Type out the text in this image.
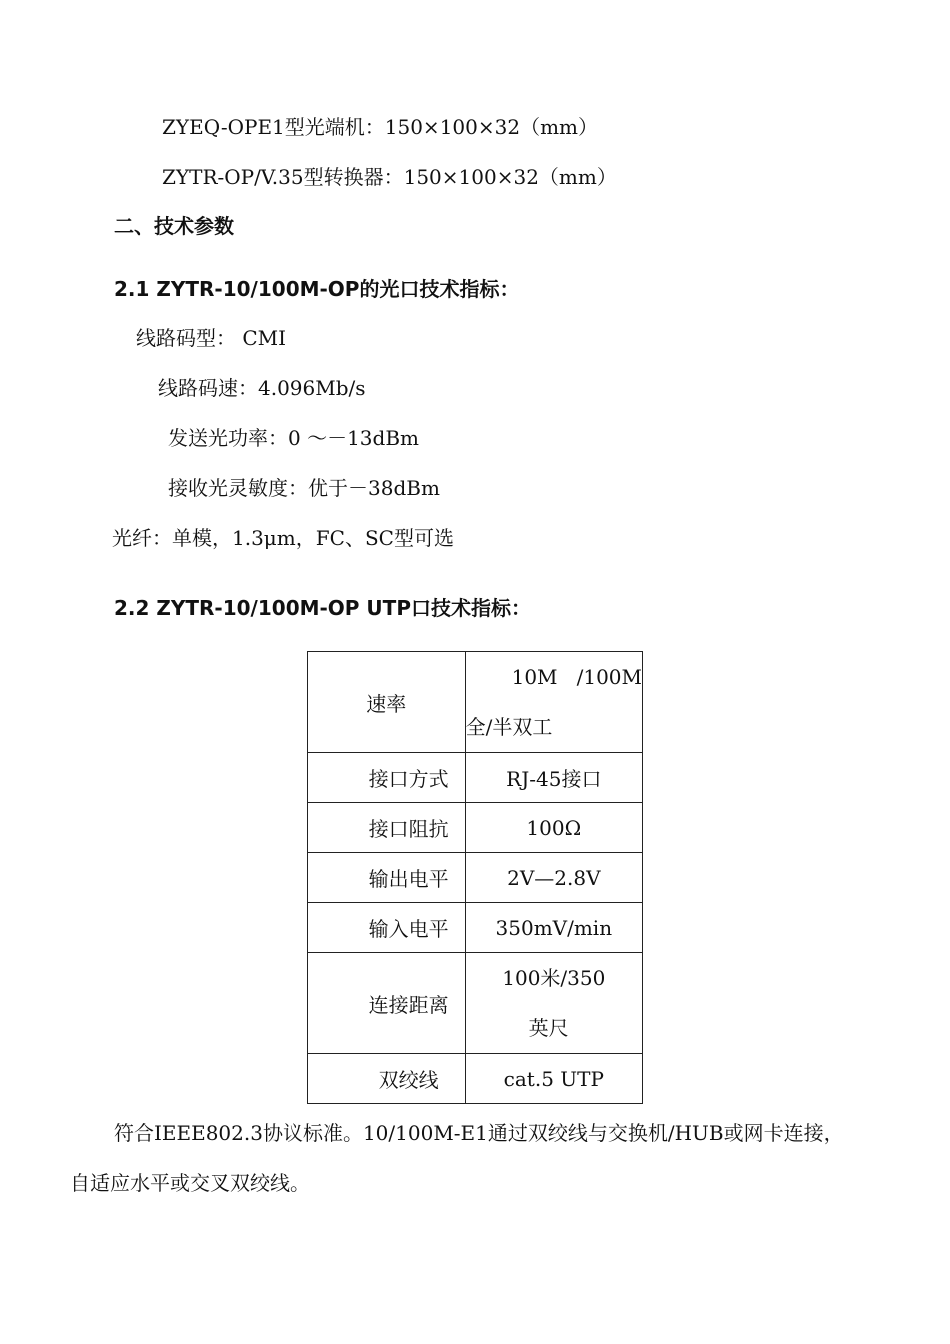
ZYEQ-OPE1型光端机：150×100×32（mm）
ZYTR-OP/V.35型转换器：150×100×32（mm）
二、技术参数
2.1 ZYTR-10/100M-OP的光口技术指标：
线路码型： CMI
线路码速：4.096Mb/s
发送光功率：0 ～－13dBm
接收光灵敏度：优于－38dBm
光纤：单模，1.3μm，FC、SC型可选
2.2 ZYTR-10/100M-OP UTP口技术指标：
速率	10M   /100M
全/半双工

接口方式	RJ-45接口
接口阻抗	100Ω
输出电平	2V—2.8V
输入电平	350mV/min
连接距离	100米/350
英尺

双绞线	cat.5 UTP
符合IEEE802.3协议标准。10/100M-E1通过双绞线与交换机/HUB或网卡连接，
自适应水平或交叉双绞线。
